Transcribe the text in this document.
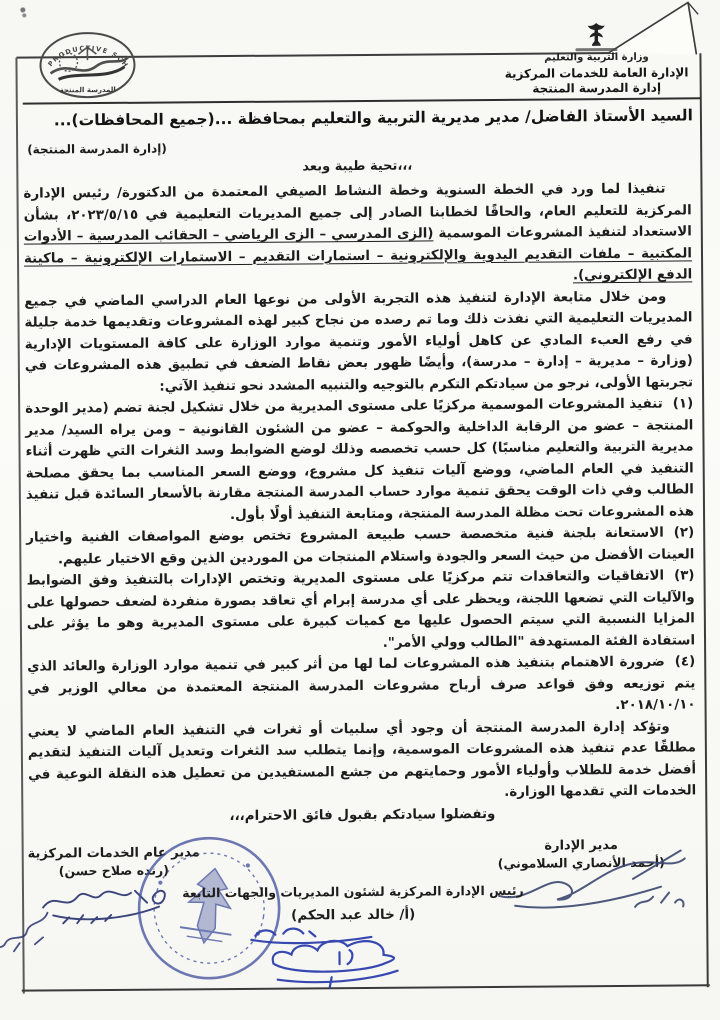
PRODUCTIVE SCHOOL
المدرسة المنتجة
وزارة التربية والتعليم
الإدارة العامة للخدمات المركزية
إدارة المدرسة المنتجة
السيد الأستاذ الفاضل/ مدير مديرية التربية والتعليم بمحافظة ...(جميع المحافظات)...
(إدارة المدرسة المنتجة)
تحية طيبة وبعد،،،

تنفيذا لما ورد في الخطة السنوية وخطة النشاط الصيفي المعتمدة من الدكتورة/ رئيس الإدارة المركزية للتعليم العام، والحاقًا لخطابنا الصادر إلى جميع المديريات التعليمية في ٢٠٢٣/٥/١٥، بشأن الاستعداد لتنفيذ المشروعات الموسمية (الزى المدرسي – الزى الرياضي – الحقائب المدرسية – الأدوات المكتبية – ملفات التقديم اليدوية والإلكترونية – استمارات التقديم – الاستمارات الإلكترونية – ماكينة الدفع الإلكتروني).

ومن خلال متابعة الإدارة لتنفيذ هذه التجربة الأولى من نوعها العام الدراسي الماضي في جميع المديريات التعليمية التي نفذت ذلك وما تم رصده من نجاح كبير لهذه المشروعات وتقديمها خدمة جليلة في رفع العبء المادي عن كاهل أولياء الأمور وتنمية موارد الوزارة على كافة المستويات الإدارية (وزارة – مديرية – إدارة – مدرسة)، وأيضًا ظهور بعض نقاط الضعف في تطبيق هذه المشروعات في تجربتها الأولى، نرجو من سيادتكم التكرم بالتوجيه والتنبيه المشدد نحو تنفيذ الآتي:

(١)تنفيذ المشروعات الموسمية مركزيًا على مستوى المديرية من خلال تشكيل لجنة تضم (مدير الوحدة المنتجة – عضو من الرقابة الداخلية والحوكمة – عضو من الشئون القانونية – ومن يراه السيد/ مدير مديرية التربية والتعليم مناسبًا) كل حسب تخصصه وذلك لوضع الضوابط وسد الثغرات التي ظهرت أثناء التنفيذ في العام الماضي، ووضع آليات تنفيذ كل مشروع، ووضع السعر المناسب بما يحقق مصلحة الطالب وفي ذات الوقت يحقق تنمية موارد حساب المدرسة المنتجة مقارنة بالأسعار السائدة قبل تنفيذ هذه المشروعات تحت مظلة المدرسة المنتجة، ومتابعة التنفيذ أولًا بأول.

(٢)الاستعانة بلجنة فنية متخصصة حسب طبيعة المشروع تختص بوضع المواصفات الفنية واختيار العينات الأفضل من حيث السعر والجودة واستلام المنتجات من الموردين الذين وقع الاختيار عليهم.

(٣)الاتفاقيات والتعاقدات تتم مركزيًا على مستوى المديرية وتختص الإدارات بالتنفيذ وفق الضوابط والآليات التي تضعها اللجنة، ويحظر على أي مدرسة إبرام أي تعاقد بصورة منفردة لضعف حصولها على المزايا النسبية التي سيتم الحصول عليها مع كميات كبيرة على مستوى المديرية وهو ما يؤثر على استفادة الفئة المستهدفة "الطالب وولي الأمر".

(٤)ضرورة الاهتمام بتنفيذ هذه المشروعات لما لها من أثر كبير في تنمية موارد الوزارة والعائد الذي يتم توزيعه وفق قواعد صرف أرباح مشروعات المدرسة المنتجة المعتمدة من معالي الوزير في ٢٠١٨/١٠/١٠.

وتؤكد إدارة المدرسة المنتجة أن وجود أي سلبيات أو ثغرات في التنفيذ العام الماضي لا يعني مطلقًا عدم تنفيذ هذه المشروعات الموسمية، وإنما يتطلب سد الثغرات وتعديل آليات التنفيذ لتقديم أفضل خدمة للطلاب وأولياء الأمور وحمايتهم من جشع المستفيدين من تعطيل هذه النقلة النوعية في الخدمات التي تقدمها الوزارة.

وتفضلوا سيادتكم بقبول فائق الاحترام،،،

مدير الإدارة
(أحمد الأنصاري السلاموني)
مدير عام الخدمات المركزية
(رنده صلاح حسن)
رئيس الإدارة المركزية لشئون المديريات والجهات التابعة
(أ/ خالد عبد الحكم)
